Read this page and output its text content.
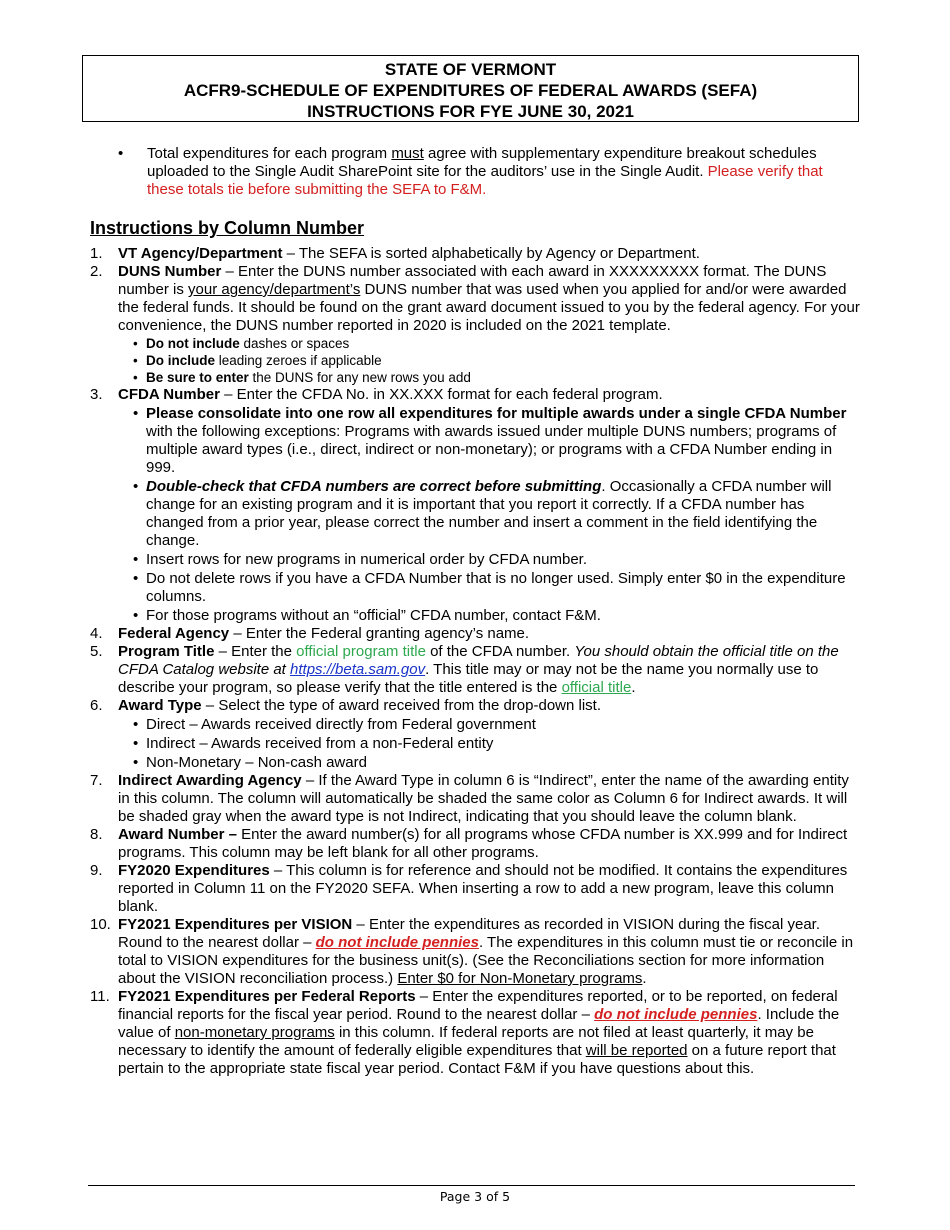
STATE OF VERMONT
ACFR9-SCHEDULE OF EXPENDITURES OF FEDERAL AWARDS (SEFA)
INSTRUCTIONS FOR FYE JUNE 30, 2021
• Total expenditures for each program must agree with supplementary expenditure breakout schedules uploaded to the Single Audit SharePoint site for the auditors’ use in the Single Audit. Please verify that these totals tie before submitting the SEFA to F&M.
Instructions by Column Number
1. VT Agency/Department – The SEFA is sorted alphabetically by Agency or Department.
2. DUNS Number – Enter the DUNS number associated with each award in XXXXXXXXX format. The DUNS number is your agency/department’s DUNS number that was used when you applied for and/or were awarded the federal funds. It should be found on the grant award document issued to you by the federal agency. For your convenience, the DUNS number reported in 2020 is included on the 2021 template.
• Do not include dashes or spaces
• Do include leading zeroes if applicable
• Be sure to enter the DUNS for any new rows you add
3. CFDA Number – Enter the CFDA No. in XX.XXX format for each federal program.
• Please consolidate into one row all expenditures for multiple awards under a single CFDA Number with the following exceptions: Programs with awards issued under multiple DUNS numbers; programs of multiple award types (i.e., direct, indirect or non-monetary); or programs with a CFDA Number ending in 999.
• Double-check that CFDA numbers are correct before submitting. Occasionally a CFDA number will change for an existing program and it is important that you report it correctly. If a CFDA number has changed from a prior year, please correct the number and insert a comment in the field identifying the change.
• Insert rows for new programs in numerical order by CFDA number.
• Do not delete rows if you have a CFDA Number that is no longer used. Simply enter $0 in the expenditure columns.
• For those programs without an “official” CFDA number, contact F&M.
4. Federal Agency – Enter the Federal granting agency’s name.
5. Program Title – Enter the official program title of the CFDA number. You should obtain the official title on the CFDA Catalog website at https://beta.sam.gov. This title may or may not be the name you normally use to describe your program, so please verify that the title entered is the official title.
6. Award Type – Select the type of award received from the drop-down list.
• Direct – Awards received directly from Federal government
• Indirect – Awards received from a non-Federal entity
• Non-Monetary – Non-cash award
7. Indirect Awarding Agency – If the Award Type in column 6 is “Indirect”, enter the name of the awarding entity in this column. The column will automatically be shaded the same color as Column 6 for Indirect awards. It will be shaded gray when the award type is not Indirect, indicating that you should leave the column blank.
8. Award Number – Enter the award number(s) for all programs whose CFDA number is XX.999 and for Indirect programs. This column may be left blank for all other programs.
9. FY2020 Expenditures – This column is for reference and should not be modified. It contains the expenditures reported in Column 11 on the FY2020 SEFA. When inserting a row to add a new program, leave this column blank.
10. FY2021 Expenditures per VISION – Enter the expenditures as recorded in VISION during the fiscal year. Round to the nearest dollar – do not include pennies. The expenditures in this column must tie or reconcile in total to VISION expenditures for the business unit(s). (See the Reconciliations section for more information about the VISION reconciliation process.) Enter $0 for Non-Monetary programs.
11. FY2021 Expenditures per Federal Reports – Enter the expenditures reported, or to be reported, on federal financial reports for the fiscal year period. Round to the nearest dollar – do not include pennies. Include the value of non-monetary programs in this column. If federal reports are not filed at least quarterly, it may be necessary to identify the amount of federally eligible expenditures that will be reported on a future report that pertain to the appropriate state fiscal year period. Contact F&M if you have questions about this.
Page 3 of 5
